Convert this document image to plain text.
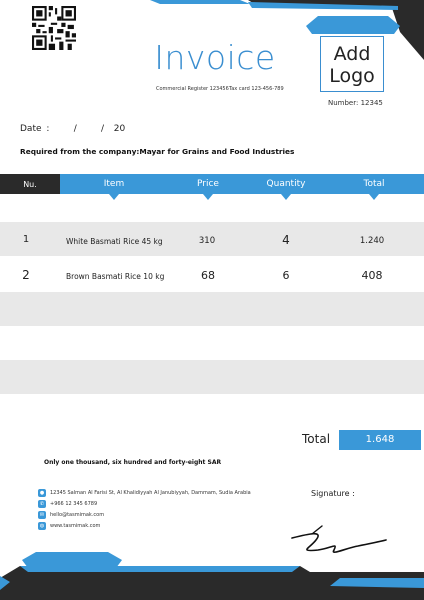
Invoice
Commercial Register 123456 Tax card 123-456-789
Add
Logo
Number: 12345
Date :     /     /  20
Required from the company:Mayar for Grains and Food Industries
Nu.	Item	Price	Quantity	Total
1	White Basmati Rice 45 kg	310	4	1.240
2	Brown Basmati Rice 10 kg	68	6	408
Total	1.648
Only one thousand, six hundred and forty-eight SAR
●	12345 Salman Al Farisi St, Al Khalidiyyah Al Janubiyyah, Dammam, Sudia Arabia
✆	+966 12 345 6789
✉	hello@tasmimak.com
◍	www.tasmimak.com
Signature :
